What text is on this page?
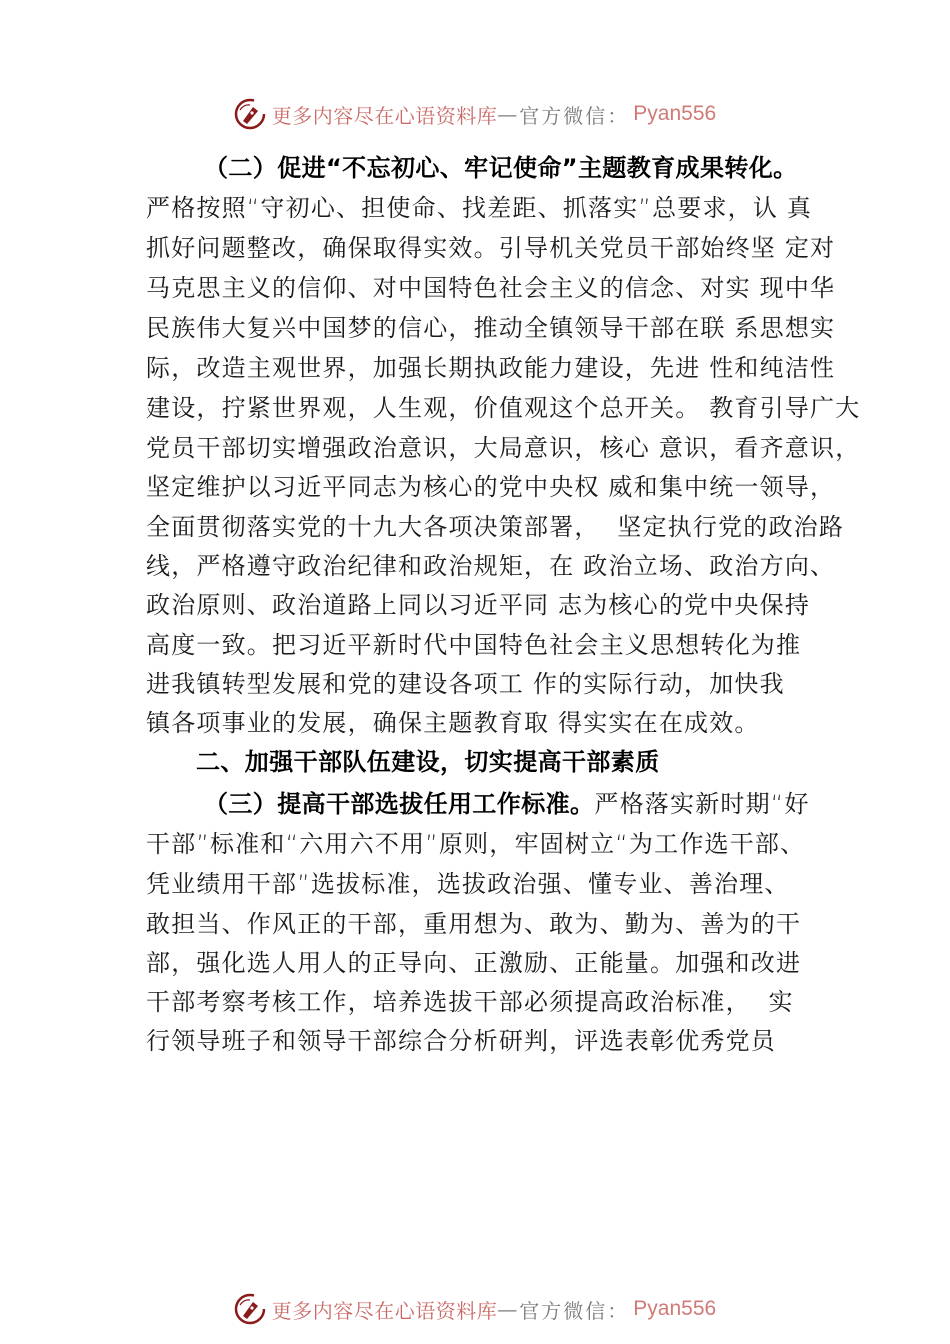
更多内容尽在心语资料库 — 官方微信： Pyan556
（二）促进“不忘初心、牢记使命”主题教育成果转化。
严格按照“守初心、担使命、找差距、抓落实”总要求，认 真
抓好问题整改，确保取得实效。引导机关党员干部始终坚 定对
马克思主义的信仰、对中国特色社会主义的信念、对实 现中华
民族伟大复兴中国梦的信心，推动全镇领导干部在联 系思想实
际，改造主观世界，加强长期执政能力建设，先进 性和纯洁性
建设，拧紧世界观，人生观，价值观这个总开关。 教育引导广大
党员干部切实增强政治意识，大局意识，核心 意识，看齐意识，
坚定维护以习近平同志为核心的党中央权 威和集中统一领导，
全面贯彻落实党的十九大各项决策部署，  坚定执行党的政治路
线，严格遵守政治纪律和政治规矩，在 政治立场、政治方向、
政治原则、政治道路上同以习近平同 志为核心的党中央保持
高度一致。把习近平新时代中国特色社会主义思想转化为推
进我镇转型发展和党的建设各项工 作的实际行动，加快我
镇各项事业的发展，确保主题教育取 得实实在在成效。
二、加强干部队伍建设，切实提高干部素质
（三）提高干部选拔任用工作标准。严格落实新时期“好
干部”标准和“六用六不用”原则，牢固树立“为工作选干部、
凭业绩用干部”选拔标准，选拔政治强、懂专业、善治理、
敢担当、作风正的干部，重用想为、敢为、勤为、善为的干
部，强化选人用人的正导向、正激励、正能量。加强和改进
干部考察考核工作，培养选拔干部必须提高政治标准，  实
行领导班子和领导干部综合分析研判，评选表彰优秀党员
更多内容尽在心语资料库 — 官方微信： Pyan556
